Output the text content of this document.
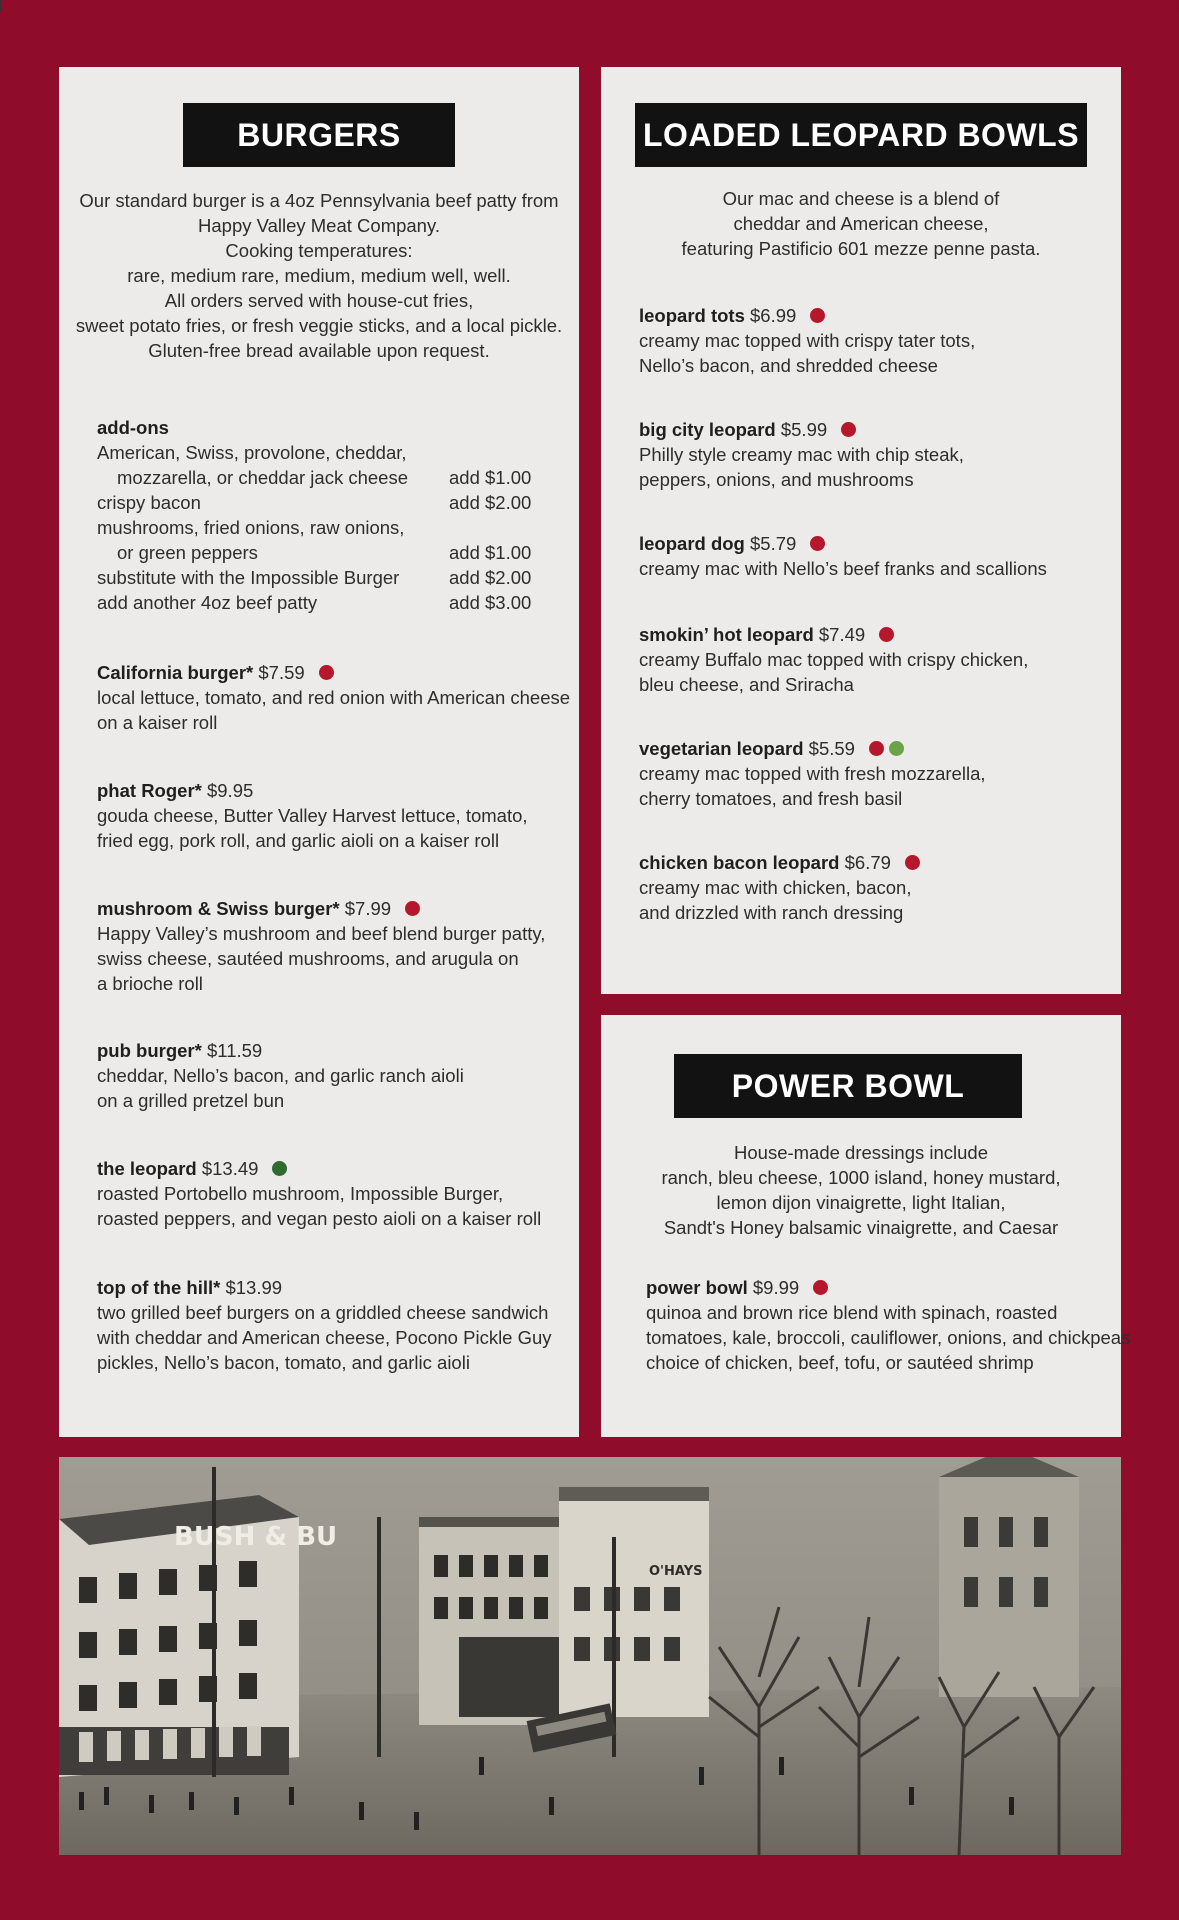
BURGERS
Our standard burger is a 4oz Pennsylvania beef patty from
Happy Valley Meat Company.
Cooking temperatures:
rare, medium rare, medium, medium well, well.
All orders served with house-cut fries,
sweet potato fries, or fresh veggie sticks, and a local pickle.
Gluten-free bread available upon request.
add-ons
American, Swiss, provolone, cheddar,
mozzarella, or cheddar jack cheese add $1.00
crispy bacon	add $2.00
mushrooms, fried onions, raw onions,
or green peppers	add $1.00
substitute with the Impossible Burger	add $2.00
add another 4oz beef patty	add $3.00
California burger* $7.59
local lettuce, tomato, and red onion with American cheese
on a kaiser roll
phat Roger* $9.95
gouda cheese, Butter Valley Harvest lettuce, tomato,
fried egg, pork roll, and garlic aioli on a kaiser roll
mushroom & Swiss burger* $7.99
Happy Valley’s mushroom and beef blend burger patty,
swiss cheese, sautéed mushrooms, and arugula on
a brioche roll
pub burger* $11.59
cheddar, Nello’s bacon, and garlic ranch aioli
on a grilled pretzel bun
the leopard $13.49
roasted Portobello mushroom, Impossible Burger,
roasted peppers, and vegan pesto aioli on a kaiser roll
top of the hill* $13.99
two grilled beef burgers on a griddled cheese sandwich
with cheddar and American cheese, Pocono Pickle Guy
pickles, Nello’s bacon, tomato, and garlic aioli
LOADED LEOPARD BOWLS
Our mac and cheese is a blend of
cheddar and American cheese,
featuring Pastificio 601 mezze penne pasta.
leopard tots $6.99
creamy mac topped with crispy tater tots,
Nello’s bacon, and shredded cheese
big city leopard $5.99
Philly style creamy mac with chip steak,
peppers, onions, and mushrooms
leopard dog $5.79
creamy mac with Nello’s beef franks and scallions
smokin’ hot leopard $7.49
creamy Buffalo mac topped with crispy chicken,
bleu cheese, and Sriracha
vegetarian leopard $5.59
creamy mac topped with fresh mozzarella,
cherry tomatoes, and fresh basil
chicken bacon leopard $6.79
creamy mac with chicken, bacon,
and drizzled with ranch dressing
POWER BOWL
House-made dressings include
ranch, bleu cheese, 1000 island, honey mustard,
lemon dijon vinaigrette, light Italian,
Sandt's Honey balsamic vinaigrette, and Caesar
power bowl $9.99
quinoa and brown rice blend with spinach, roasted
tomatoes, kale, broccoli, cauliflower, onions, and chickpeas
choice of chicken, beef, tofu, or sautéed shrimp
BUSH & BU
O'HAYS
